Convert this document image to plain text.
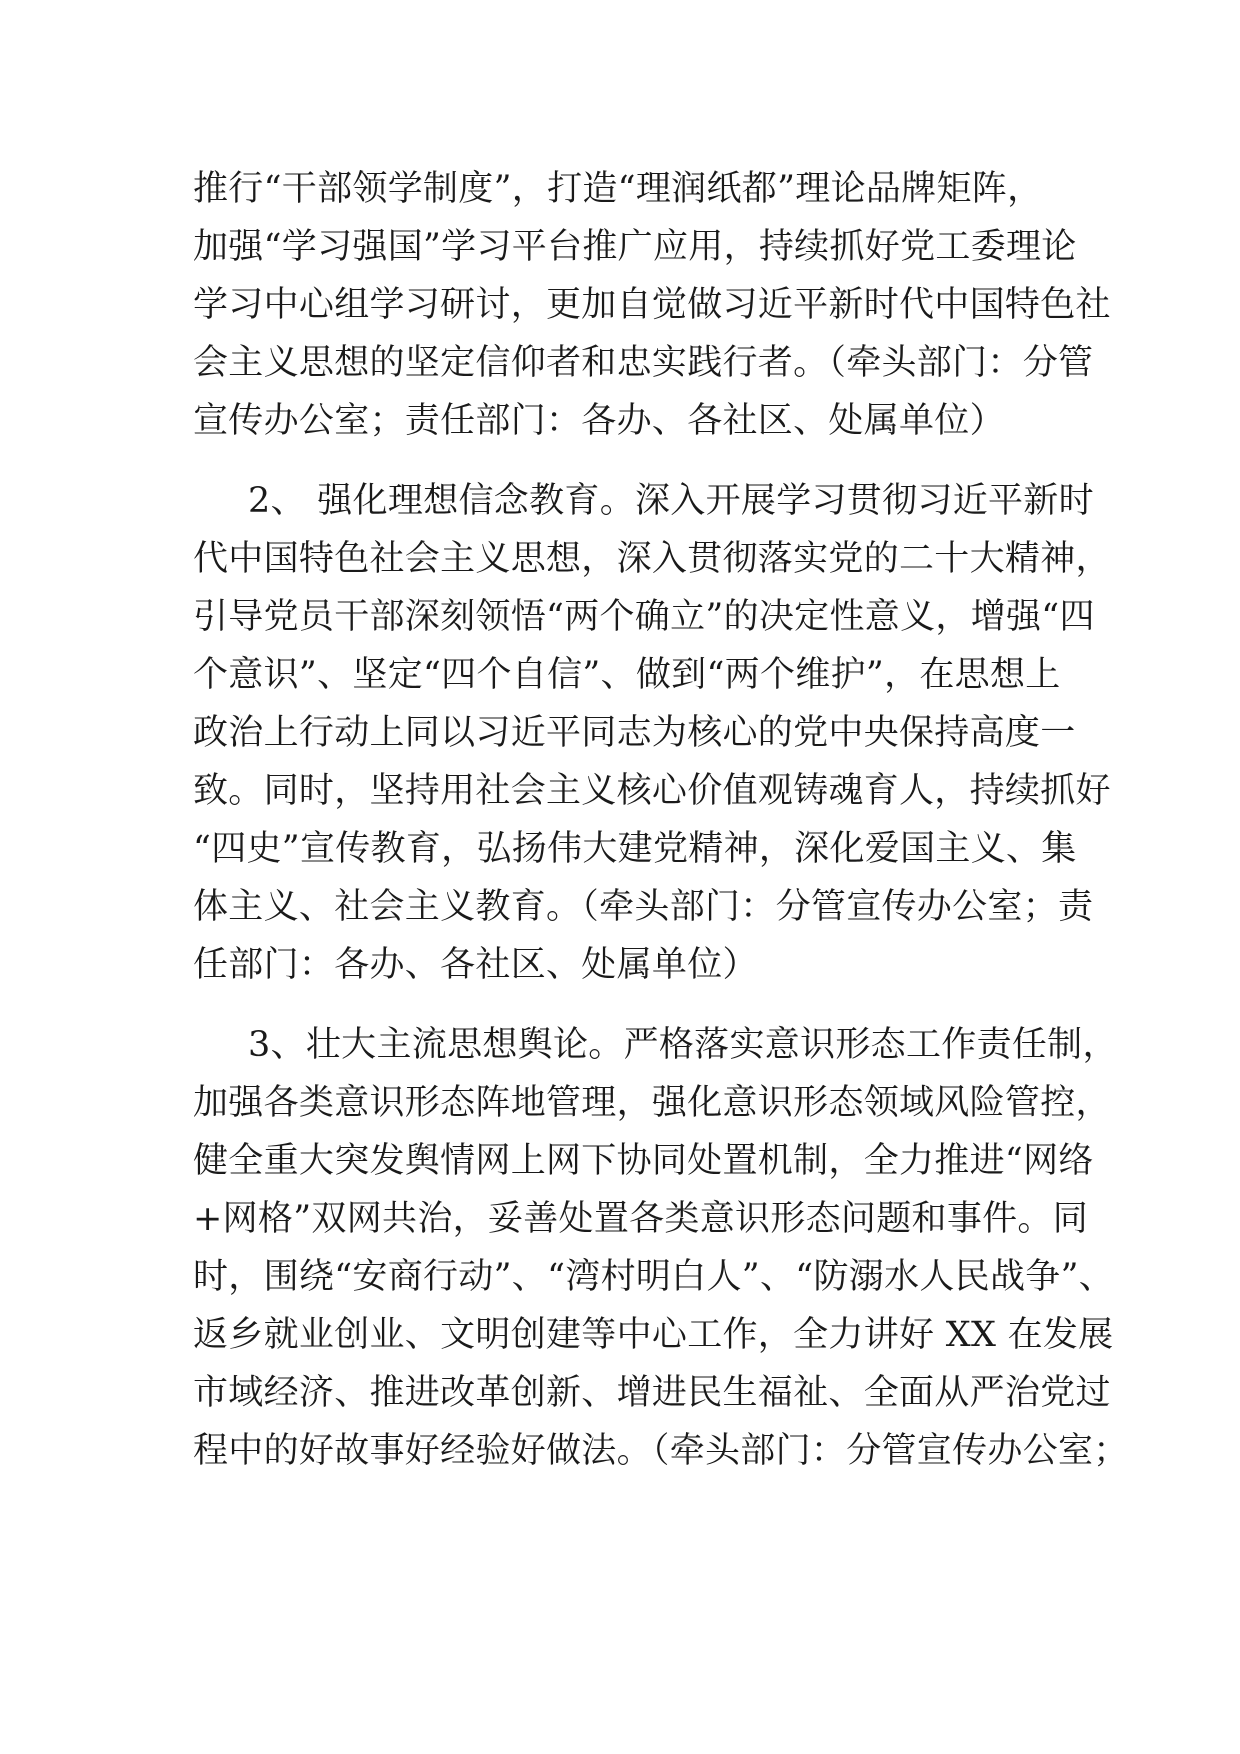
推行“干部领学制度”，打造“理润纸都”理论品牌矩阵，
加强“学习强国”学习平台推广应用，持续抓好党工委理论
学习中心组学习研讨，更加自觉做习近平新时代中国特色社
会主义思想的坚定信仰者和忠实践行者。（牵头部门：分管
宣传办公室；责任部门：各办、各社区、处属单位）
2、 强化理想信念教育。深入开展学习贯彻习近平新时
代中国特色社会主义思想，深入贯彻落实党的二十大精神，
引导党员干部深刻领悟“两个确立”的决定性意义，增强“四
个意识”、坚定“四个自信”、做到“两个维护”，在思想上
政治上行动上同以习近平同志为核心的党中央保持高度一
致。同时，坚持用社会主义核心价值观铸魂育人，持续抓好
“四史”宣传教育，弘扬伟大建党精神，深化爱国主义、集
体主义、社会主义教育。（牵头部门：分管宣传办公室；责
任部门：各办、各社区、处属单位）
3、壮大主流思想舆论。严格落实意识形态工作责任制，
加强各类意识形态阵地管理，强化意识形态领域风险管控，
健全重大突发舆情网上网下协同处置机制，全力推进“网络
+网格”双网共治，妥善处置各类意识形态问题和事件。同
时，围绕“安商行动”、“湾村明白人”、“防溺水人民战争”、
返乡就业创业、文明创建等中心工作，全力讲好 XX 在发展
市域经济、推进改革创新、增进民生福祉、全面从严治党过
程中的好故事好经验好做法。（牵头部门：分管宣传办公室；
